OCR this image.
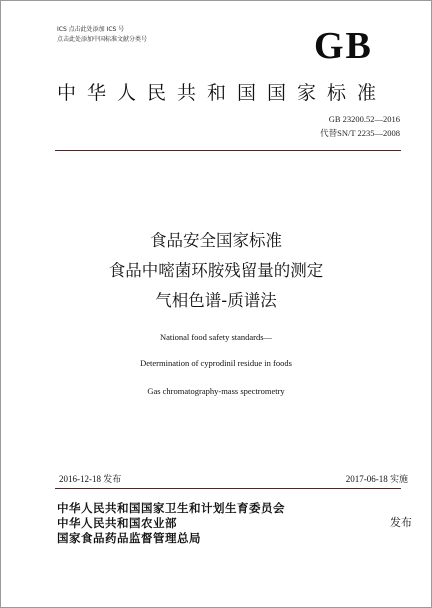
ICS 点击此处添加 ICS 号
点击此处添加中国标准文献分类号	GB
中华人民共和国国家标准
GB 23200.52—2016
代替SN/T 2235—2008
食品安全国家标准
食品中嘧菌环胺残留量的测定
气相色谱-质谱法
National food safety standards—
Determination of cyprodinil residue in foods
Gas chromatography-mass spectrometry
2016-12-18 发布	2017-06-18 实施
中华人民共和国国家卫生和计划生育委员会
中华人民共和国农业部
国家食品药品监督管理总局
发布
